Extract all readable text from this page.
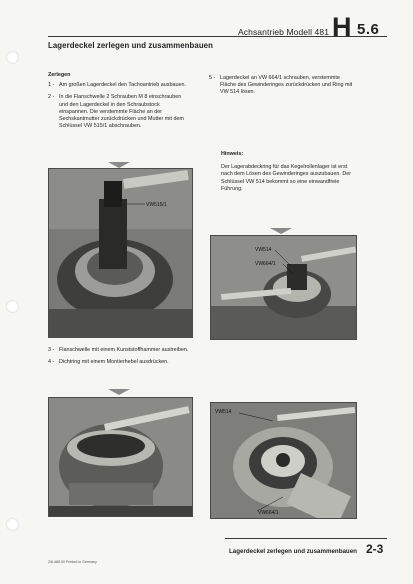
Achsantrieb Modell 481 H 5.6
Lagerdeckel zerlegen und zusammenbauen
Zerlegen
1 - Am großen Lagerdeckel den Tachoantrieb ausbauen.
2 - In die Flanschwelle 2 Schrauben M 8 einschrauben und den Lagerdeckel in den Schraubstock einspannen. Die verstemmte Fläche an der Sechskantmutter zurückdrücken und Mutter mit dem Schlüssel VW 515/1 abschrauben.
VW515/1
3 - Flanschwelle mit einem Kunststoffhammer austreiben.
4 - Dichtring mit einem Montierhebel ausdrücken.
5 - Lagerdeckel an VW 664/1 schrauben, verstemmte Fläche des Gewinderinges zurückdrücken und Ring mit VW 514 lösen.
Hinweis:
Der Lagerabdeckring für das Kegelrollenlager ist erst nach dem Lösen des Gewinderinges auszubauen. Der Schlüssel VW 514 bekommt so eine einwandfreie Führung.
VW514
VW664/1
VW514
VW664/1
Lagerdeckel zerlegen und zusammenbauen 2-3
2/8.488.00 Printed in Germany
